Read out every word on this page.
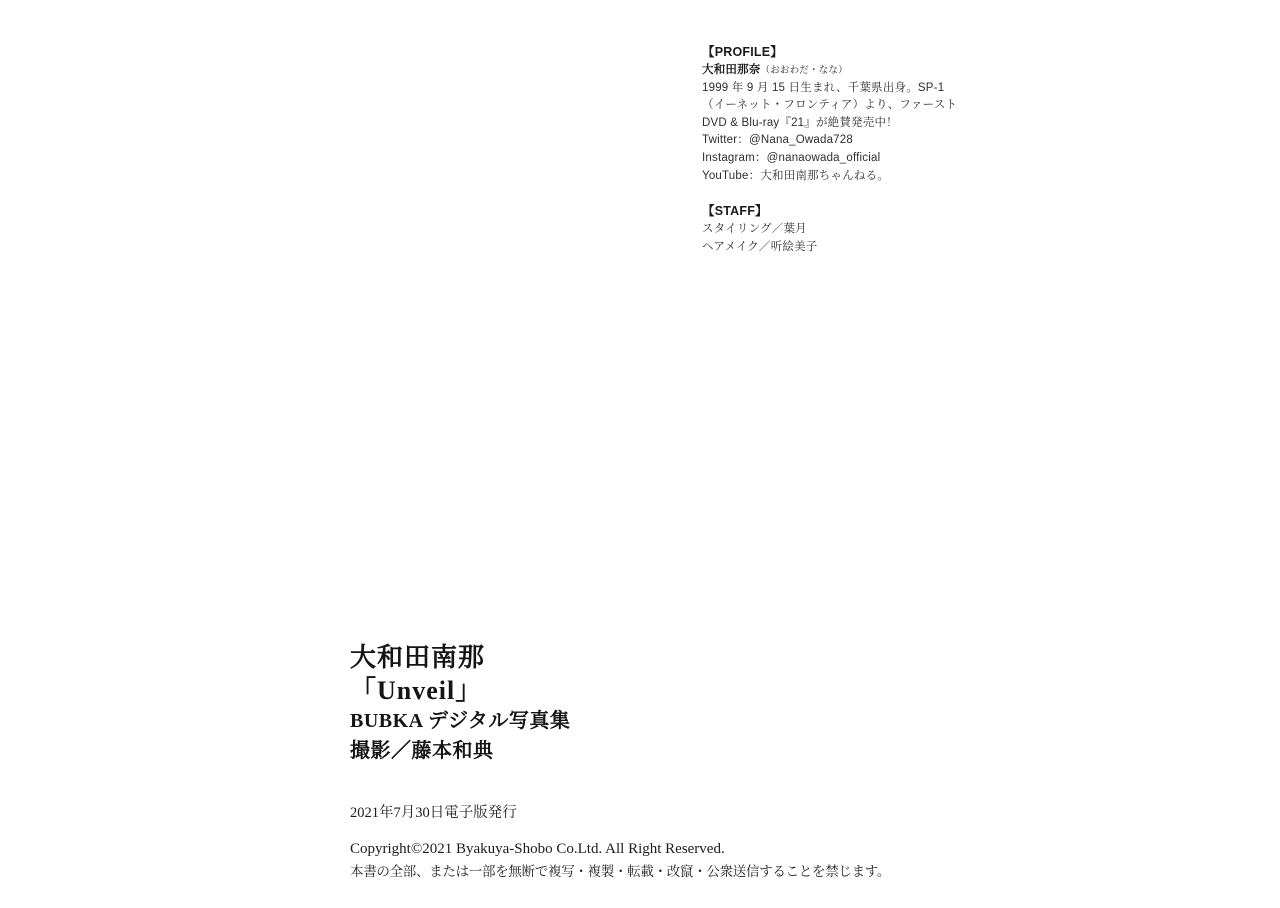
【PROFILE】
大和田那奈（おおわだ・なな）
1999 年 9 月 15 日生まれ、千葉県出身。SP-1
（イーネット・フロンティア）より、ファースト
DVD & Blu-ray『21』が絶賛発売中！
Twitter：@Nana_Owada728
Instagram：@nanaowada_official
YouTube：大和田南那ちゃんねる。
【STAFF】
スタイリング／葉月
ヘアメイク／听絵美子
大和田南那
「Unveil」
BUBKA デジタル写真集
撮影／藤本和典
2021年7月30日電子版発行
Copyright©2021 Byakuya-Shobo Co.Ltd. All Right Reserved.
本書の全部、または一部を無断で複写・複製・転載・改竄・公衆送信することを禁じます。
